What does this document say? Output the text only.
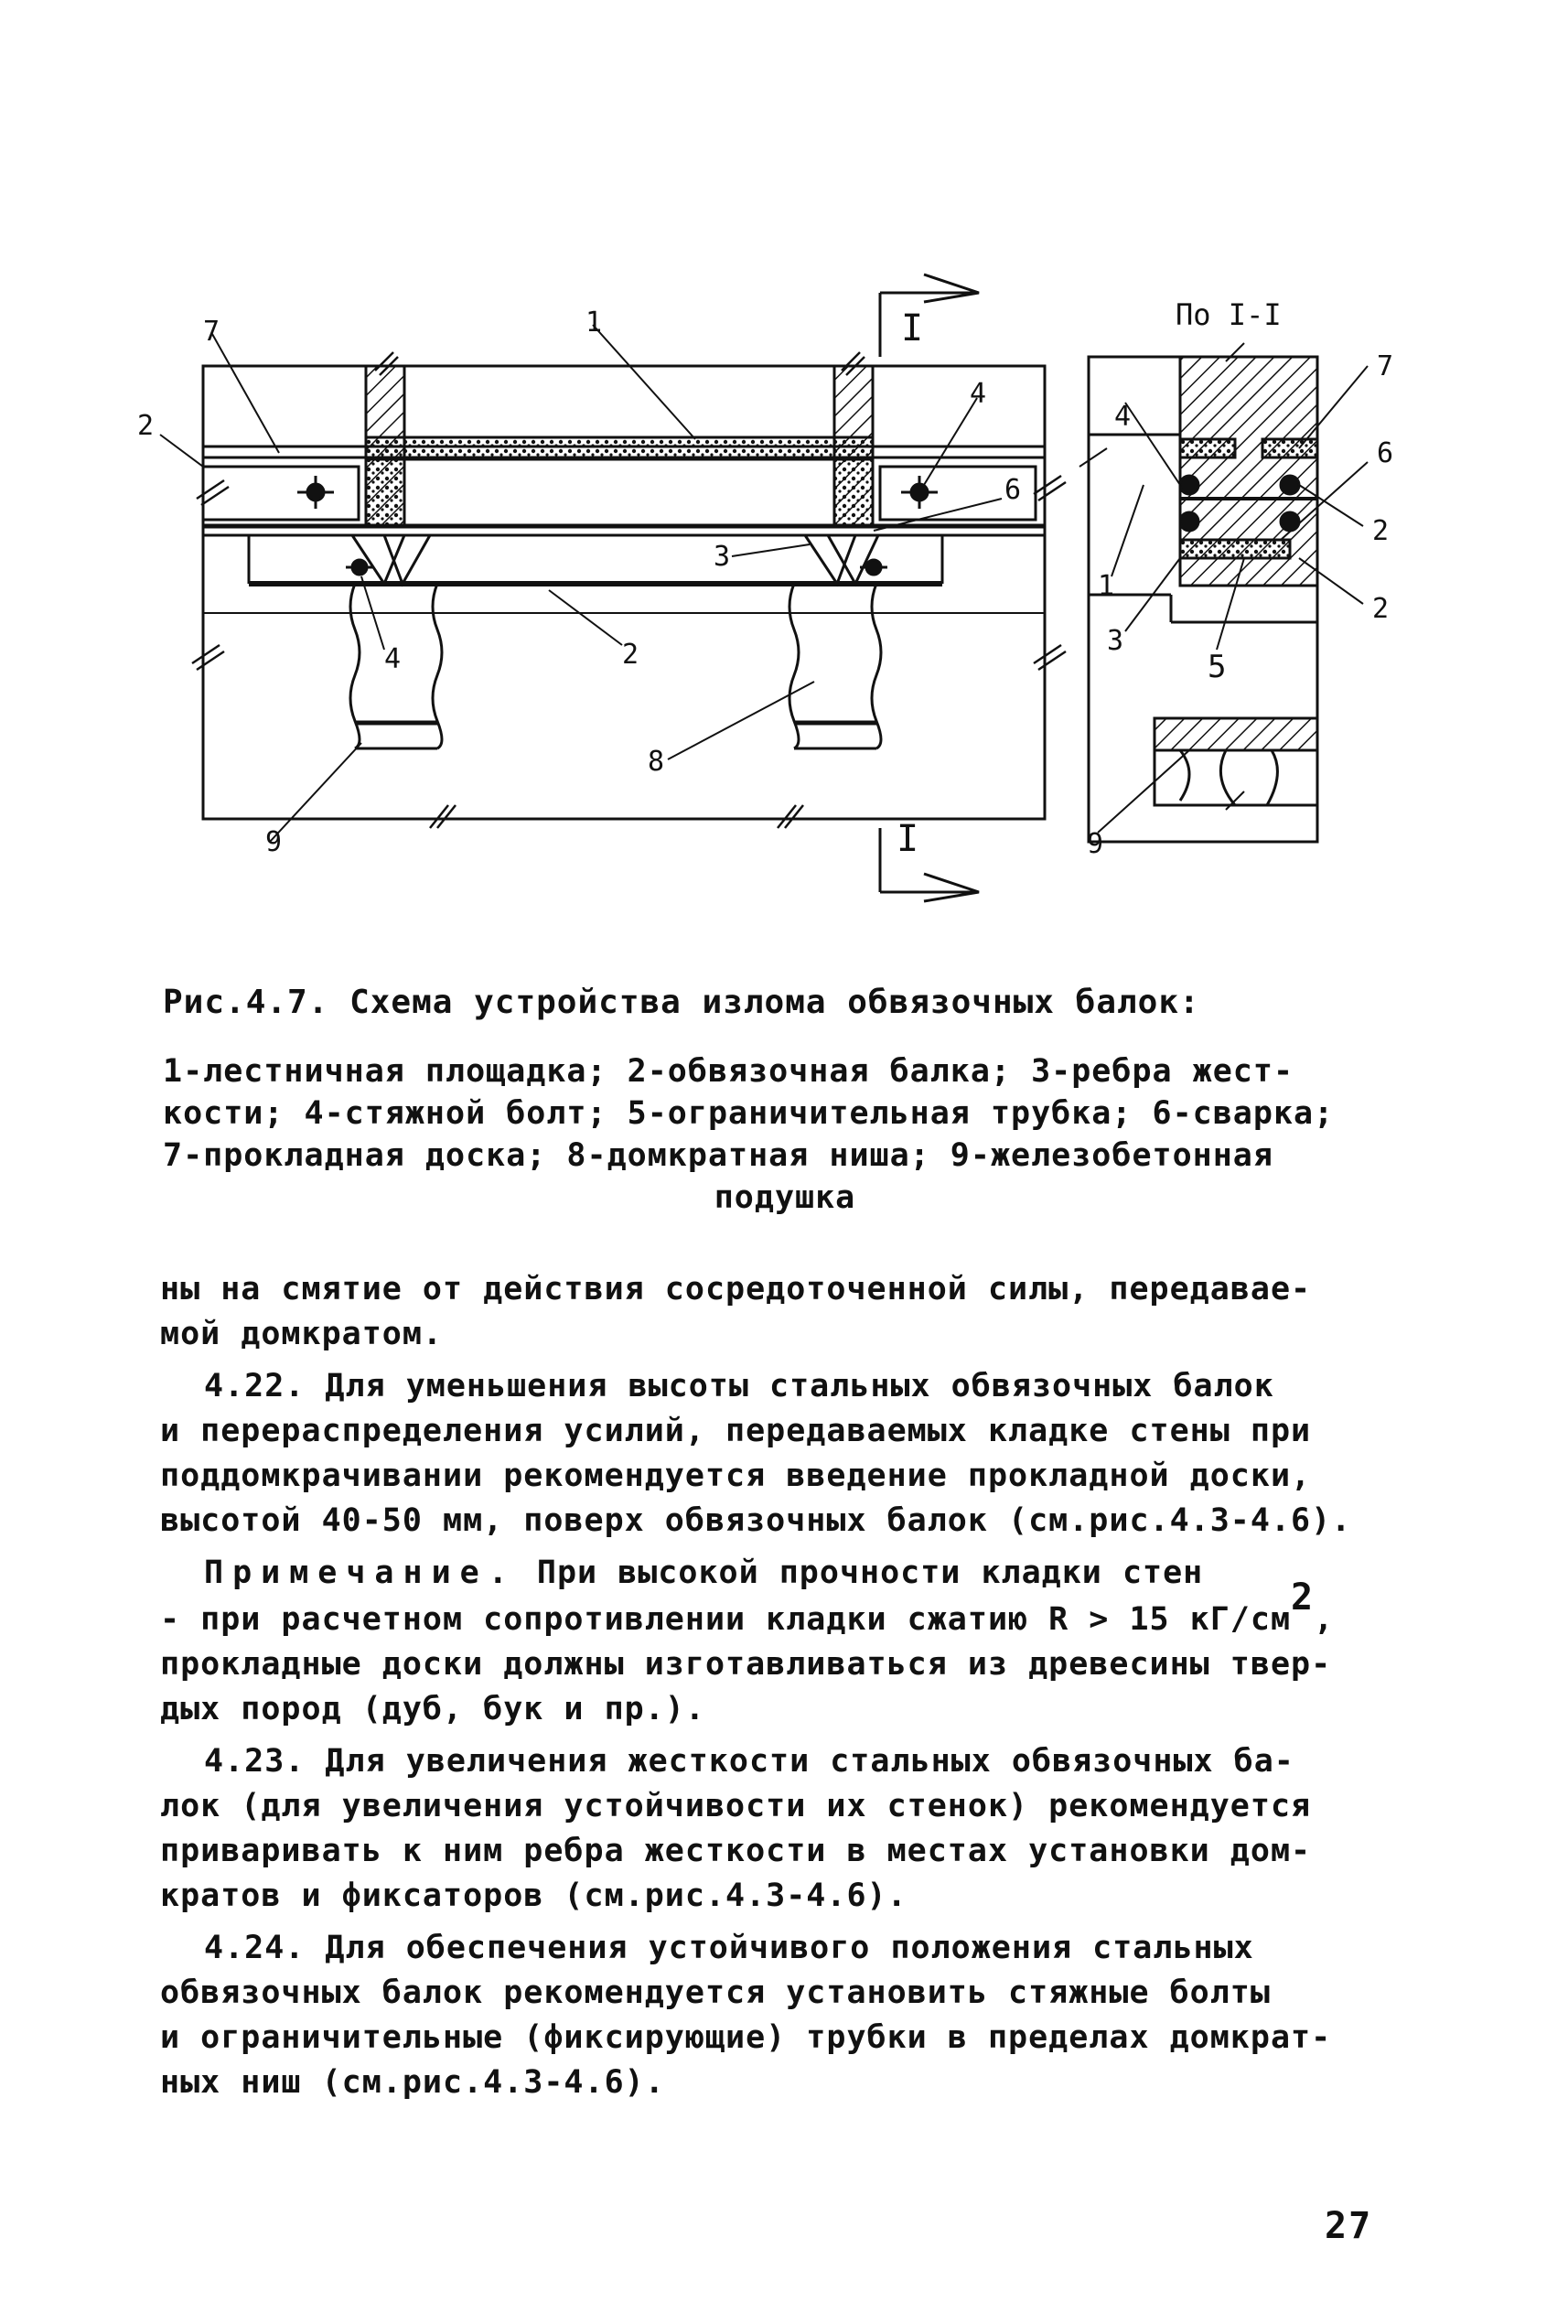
7	1
2
4
6
3
2
4
8
9
I
I
По I-I
7
4
6
2
1
3
2
5
9
Рис.4.7. Схема устройства излома обвязочных балок:
1-лестничная площадка; 2-обвязочная балка; 3-ребра жест-
кости; 4-стяжной болт; 5-ограничительная трубка; 6-сварка;
7-прокладная доска; 8-домкратная ниша; 9-железобетонная
подушка
ны на смятие от действия сосредоточенной силы, передавае-
мой домкратом.
4.22. Для уменьшения высоты стальных обвязочных балок
и перераспределения усилий, передаваемых кладке стены при
поддомкрачивании рекомендуется введение прокладной доски,
высотой 40-50 мм, поверх обвязочных балок (см.рис.4.3-4.6).
Примечание. При высокой прочности кладки стен
- при расчетном сопротивлении кладки сжатию R > 15 кГ/см2,
прокладные доски должны изготавливаться из древесины твер-
дых пород (дуб, бук и пр.).
4.23. Для увеличения жесткости стальных обвязочных ба-
лок (для увеличения устойчивости их стенок) рекомендуется
приваривать к ним ребра жесткости в местах установки дом-
кратов и фиксаторов (см.рис.4.3-4.6).
4.24. Для обеспечения устойчивого положения стальных
обвязочных балок рекомендуется установить стяжные болты
и ограничительные (фиксирующие) трубки в пределах домкрат-
ных ниш (см.рис.4.3-4.6).
27
